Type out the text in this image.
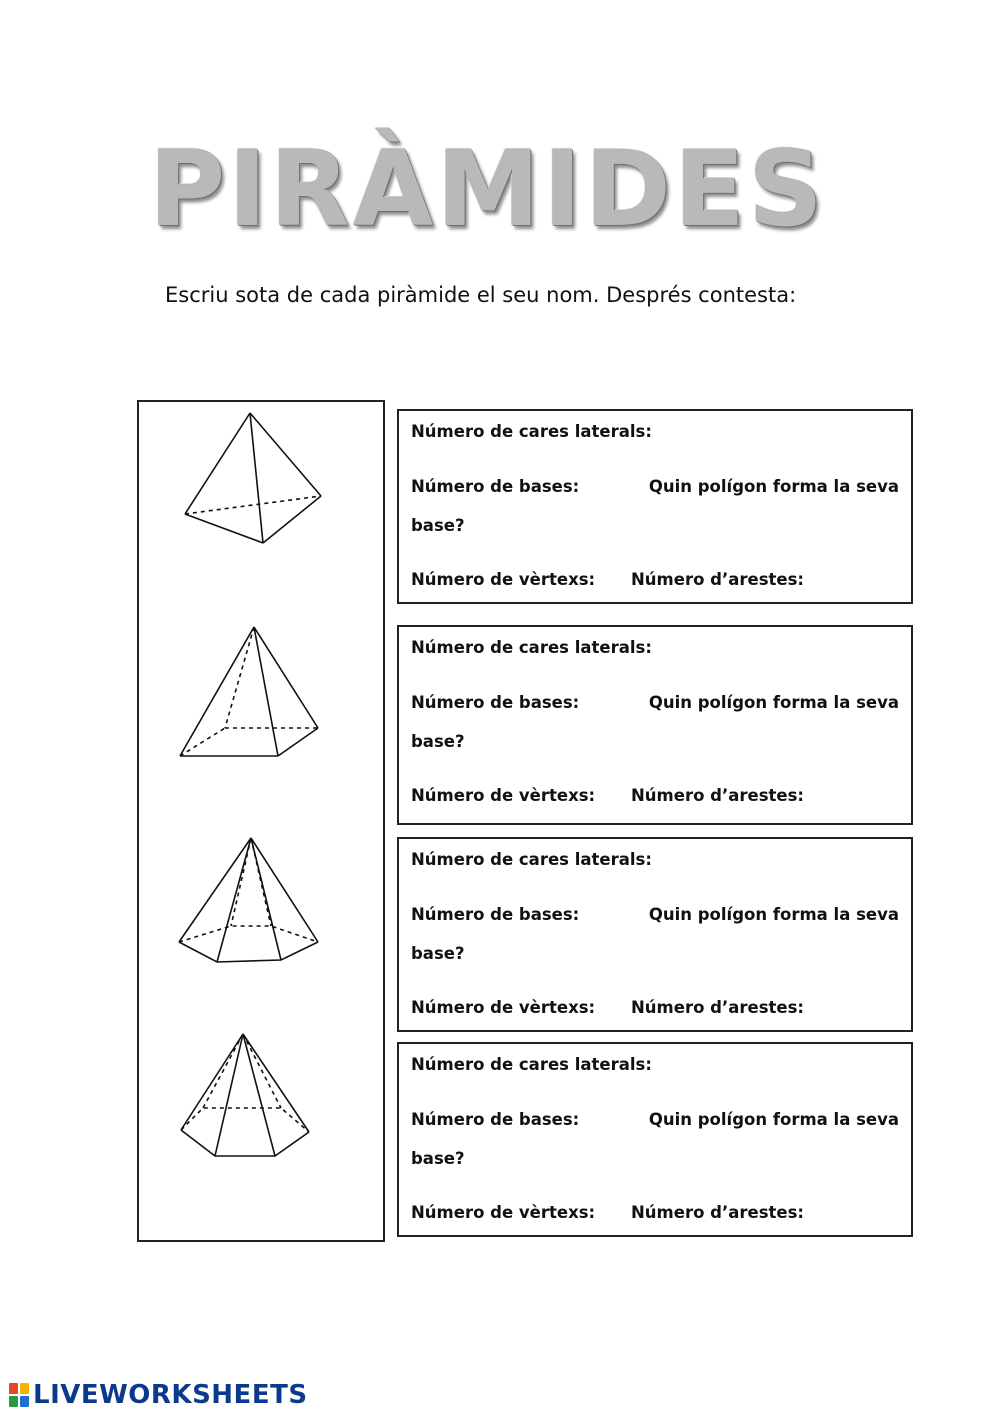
PIRÀMIDES
Escriu sota de cada piràmide el seu nom. Després contesta:
Número de cares laterals:
Número de bases:	Quin polígon forma la seva
base?
Número de vèrtexs: Número d’arestes:
Número de cares laterals:
Número de bases:	Quin polígon forma la seva
base?
Número de vèrtexs: Número d’arestes:
Número de cares laterals:
Número de bases:	Quin polígon forma la seva
base?
Número de vèrtexs: Número d’arestes:
Número de cares laterals:
Número de bases:	Quin polígon forma la seva
base?
Número de vèrtexs: Número d’arestes:
LIVEWORKSHEETS
